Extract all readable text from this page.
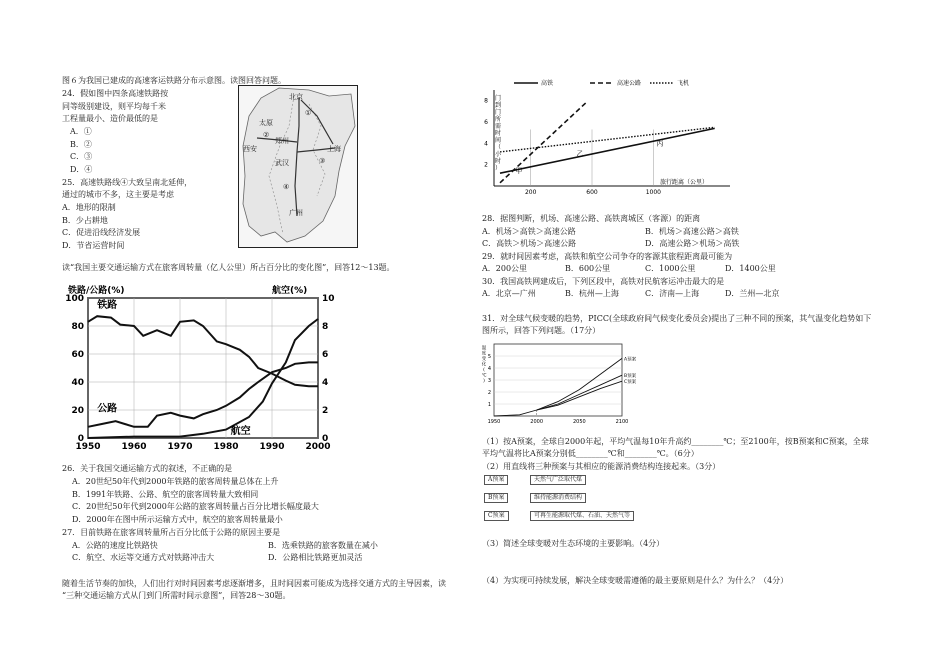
图６为我国已建成的高速客运铁路分布示意图。读图回答问题。
24．假如图中四条高速铁路按
同等级别建设，则平均每千米
工程量最小、造价最低的是
A．①
B．②
C．③
D．④
25．高速铁路线④大致呈南北延伸，
通过的城市不多，这主要是考虑
A．地形的限制
B．少占耕地
C．促进沿线经济发展
D．节省运营时间
北京
太原
郑州
西安
武汉
上海
广州
①
②
③
④
读“我国主要交通运输方式在旅客周转量（亿人公里）所占百分比的变化图”，回答12～13题。
0
20
40
60
80
100
0
2
4
6
8
10
1950 1960 1970 1980 1990 2000
铁路/公路(%)	航空(%)
铁路
公路
航空
26．关于我国交通运输方式的叙述，不正确的是
A．20世纪50年代到2000年铁路的旅客周转量总体在上升
B．1991年铁路、公路、航空的旅客周转量大致相同
C．20世纪50年代到2000年公路的旅客周转量占百分比增长幅度最大
D．2000年在图中所示运输方式中，航空的旅客周转量最小
27．目前铁路在旅客周转量所占百分比低于公路的原因主要是
A．公路的速度比铁路快	B．选乘铁路的旅客数量在减小
C．航空、水运等交通方式对铁路冲击大	D．公路相比铁路更加灵活
随着生活节奏的加快，人们出行对时间因素考虑逐渐增多，且时间因素可能成为选择交通方式的主导因素，读
“三种交通运输方式从门到门所需时间示意图”，回答28～30题。
2
4
6
8
200	600	1000
门
到
门
所
需
时
间
（
小
时
）
旅行距离（公里）
高铁	高速公路	飞机
甲
乙
丙
28．据图判断，机场、高速公路、高铁离城区（客源）的距离
A．机场＞高铁＞高速公路	B．机场＞高速公路＞高铁
C．高铁＞机场＞高速公路	D．高速公路＞机场＞高铁
29．就时间因素考虑，高铁和航空公司争夺的客源其旅程距离最可能为
A．200公里	B．600公里	C．1000公里	D．1400公里
30．我国高铁网建成后，下列区段中，高铁对民航客运冲击最大的是
A．北京—广州	B．杭州—上海	C．济南—上海	D．兰州—北京
31．对全球气候变暖的趋势，PICC(全球政府间气候变化委员会)提出了三种不同的预案，其气温变化趋势如下
图所示，回答下列问题。（17分）
1
2
3
4
5
1950	2000	2050	2100
温
度
变
化
(
℃
)
A预案
B预案
C预案
（1）按A预案，全球自2000年起，平均气温每10年升高约________℃；至2100年，按B预案和C预案，全球
平均气温将比A预案分别低________℃和________℃。（6分）
（2）用直线将三种预案与其相应的能源消费结构连接起来。（3分）
A预案
B预案
C预案
天然气广泛取代煤
维持能源消费结构
可再生能源取代煤、石油、天然气等
（3）简述全球变暖对生态环境的主要影响。（4分）
（4）为实现可持续发展，解决全球变暖需遵循的最主要原则是什么？为什么？（4分）
